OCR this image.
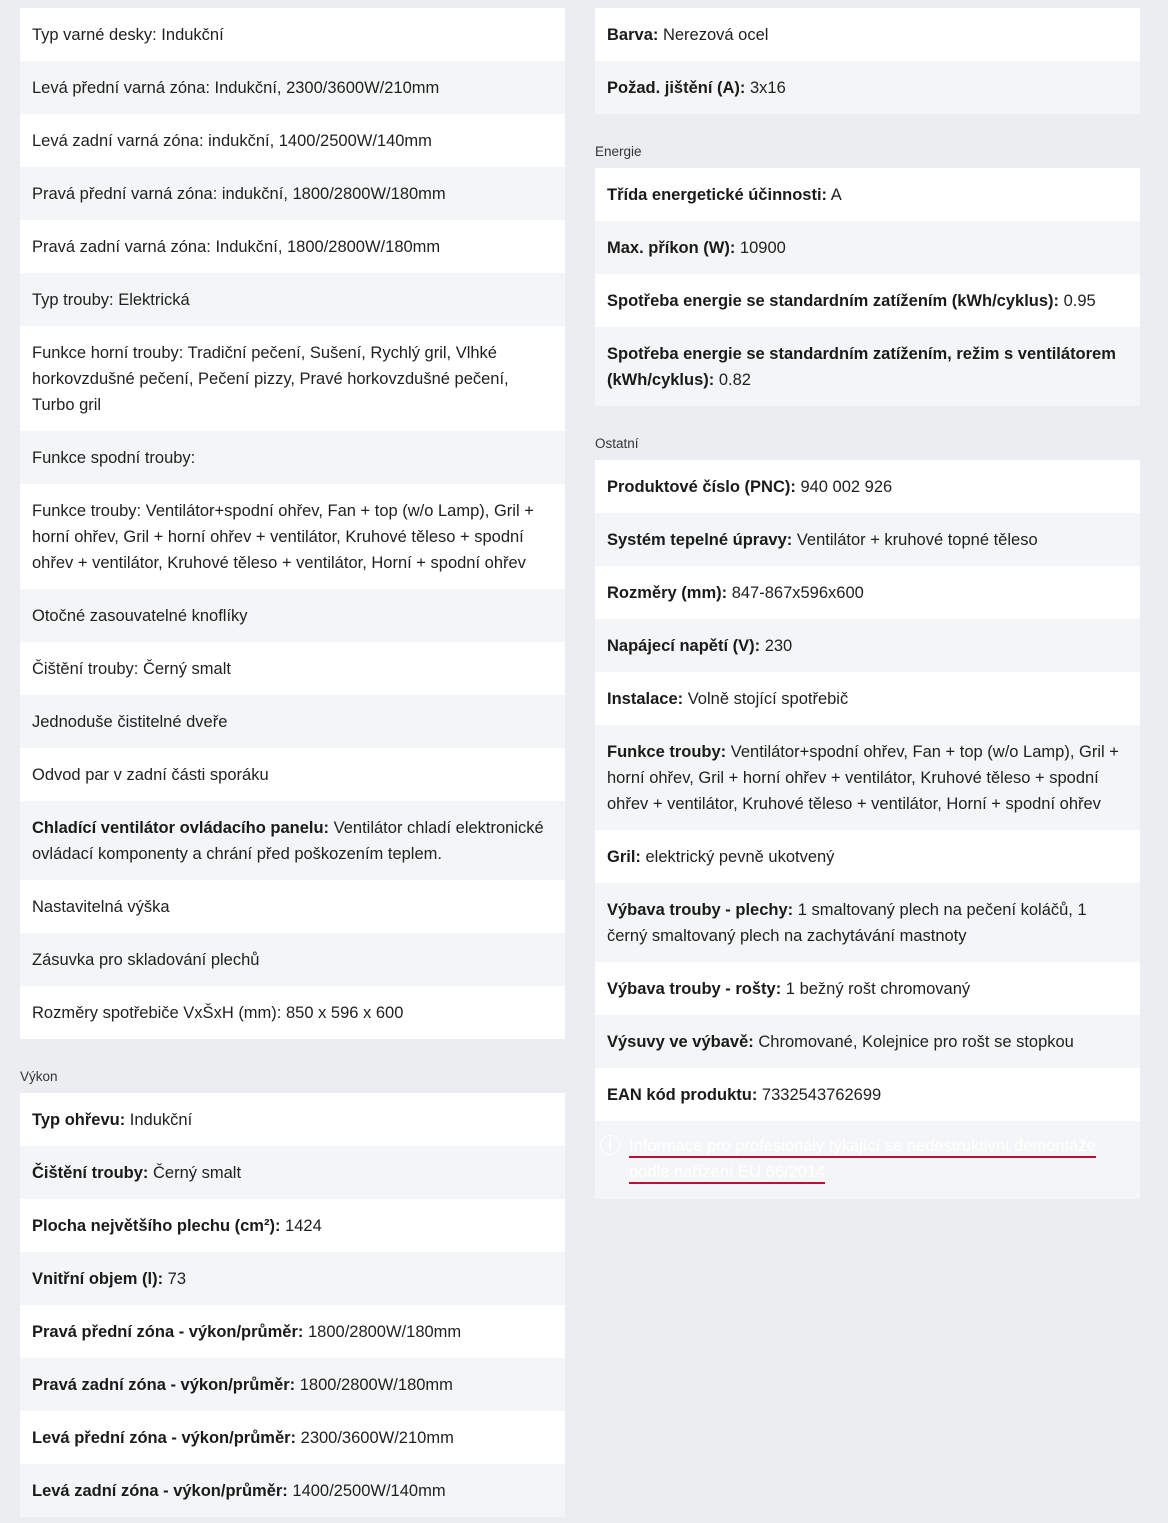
Typ varné desky: Indukční
Levá přední varná zóna: Indukční, 2300/3600W/210mm
Levá zadní varná zóna: indukční, 1400/2500W/140mm
Pravá přední varná zóna: indukční, 1800/2800W/180mm
Pravá zadní varná zóna: Indukční, 1800/2800W/180mm
Typ trouby: Elektrická
Funkce horní trouby: Tradiční pečení, Sušení, Rychlý gril, Vlhké horkovzdušné pečení, Pečení pizzy, Pravé horkovzdušné pečení, Turbo gril
Funkce spodní trouby:
Funkce trouby: Ventilátor+spodní ohřev, Fan + top (w/o Lamp), Gril + horní ohřev, Gril + horní ohřev + ventilátor, Kruhové těleso + spodní ohřev + ventilátor, Kruhové těleso + ventilátor, Horní + spodní ohřev
Otočné zasouvatelné knoflíky
Čištění trouby: Černý smalt
Jednoduše čistitelné dveře
Odvod par v zadní části sporáku
Chladící ventilátor ovládacího panelu: Ventilátor chladí elektronické ovládací komponenty a chrání před poškozením teplem.
Nastavitelná výška
Zásuvka pro skladování plechů
Rozměry spotřebiče VxŠxH (mm): 850 x 596 x 600
Výkon
Typ ohřevu: Indukční
Čištění trouby: Černý smalt
Plocha největšího plechu (cm²): 1424
Vnitřní objem (l): 73
Pravá přední zóna - výkon/průměr: 1800/2800W/180mm
Pravá zadní zóna - výkon/průměr: 1800/2800W/180mm
Levá přední zóna - výkon/průměr: 2300/3600W/210mm
Levá zadní zóna - výkon/průměr: 1400/2500W/140mm
Barva: Nerezová ocel
Požad. jištění (A): 3x16
Energie
Třída energetické účinnosti: A
Max. příkon (W): 10900
Spotřeba energie se standardním zatížením (kWh/cyklus): 0.95
Spotřeba energie se standardním zatížením, režim s ventilátorem (kWh/cyklus): 0.82
Ostatní
Produktové číslo (PNC): 940 002 926
Systém tepelné úpravy: Ventilátor + kruhové topné těleso
Rozměry (mm): 847-867x596x600
Napájecí napětí (V): 230
Instalace: Volně stojící spotřebič
Funkce trouby: Ventilátor+spodní ohřev, Fan + top (w/o Lamp), Gril + horní ohřev, Gril + horní ohřev + ventilátor, Kruhové těleso + spodní ohřev + ventilátor, Kruhové těleso + ventilátor, Horní + spodní ohřev
Gril: elektrický pevně ukotvený
Výbava trouby - plechy: 1 smaltovaný plech na pečení koláčů, 1 černý smaltovaný plech na zachytávání mastnoty
Výbava trouby - rošty: 1 bežný rošt chromovaný
Výsuvy ve výbavě: Chromované, Kolejnice pro rošt se stopkou
EAN kód produktu: 7332543762699
i	Informace pro profesionály týkající se nedestruktivní demontáže podle nařízení EU 66/2014
